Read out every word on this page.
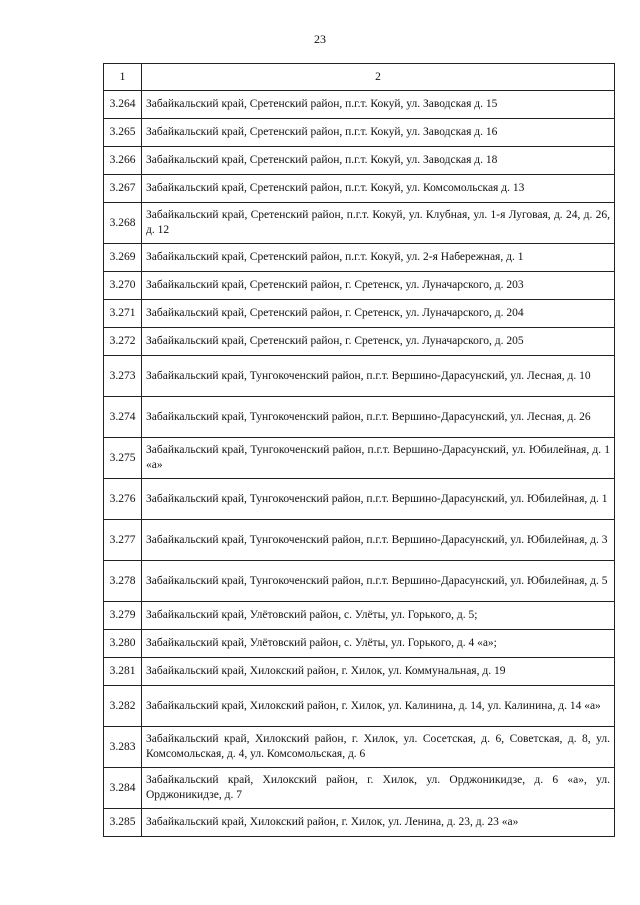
23
1	2
3.264	Забайкальский край, Сретенский район, п.г.т. Кокуй, ул. Заводская д. 15
3.265	Забайкальский край, Сретенский район, п.г.т. Кокуй, ул. Заводская д. 16
3.266	Забайкальский край, Сретенский район, п.г.т. Кокуй, ул. Заводская д. 18
3.267	Забайкальский край, Сретенский район, п.г.т. Кокуй, ул. Комсомольская д. 13
3.268	Забайкальский край, Сретенский район, п.г.т. Кокуй, ул. Клубная, ул. 1-я Луговая, д. 24, д. 26, д. 12
3.269	Забайкальский край, Сретенский район, п.г.т. Кокуй, ул. 2-я Набережная, д. 1
3.270	Забайкальский край, Сретенский район, г. Сретенск, ул. Луначарского, д. 203
3.271	Забайкальский край, Сретенский район, г. Сретенск, ул. Луначарского, д. 204
3.272	Забайкальский край, Сретенский район, г. Сретенск, ул. Луначарского, д. 205
3.273	Забайкальский край, Тунгокоченский район, п.г.т. Вершино-Дарасунский, ул. Лесная, д. 10
3.274	Забайкальский край, Тунгокоченский район, п.г.т. Вершино-Дарасунский, ул. Лесная, д. 26
3.275	Забайкальский край, Тунгокоченский район, п.г.т. Вершино-Дарасунский, ул. Юбилейная, д. 1 «а»
3.276	Забайкальский край, Тунгокоченский район, п.г.т. Вершино-Дарасунский, ул. Юбилейная, д. 1
3.277	Забайкальский край, Тунгокоченский район, п.г.т. Вершино-Дарасунский, ул. Юбилейная, д. 3
3.278	Забайкальский край, Тунгокоченский район, п.г.т. Вершино-Дарасунский, ул. Юбилейная, д. 5
3.279	Забайкальский край, Улётовский район, с. Улёты, ул. Горького, д. 5;
3.280	Забайкальский край, Улётовский район, с. Улёты, ул. Горького, д. 4 «а»;
3.281	Забайкальский край, Хилокский район, г. Хилок, ул. Коммунальная, д. 19
3.282	Забайкальский край, Хилокский район, г. Хилок, ул. Калинина, д. 14, ул. Калинина, д. 14 «а»
3.283	Забайкальский край, Хилокский район, г. Хилок, ул. Сосетская, д. 6, Советская, д. 8, ул. Комсомольская, д. 4, ул. Комсомольская, д. 6
3.284	Забайкальский край, Хилокский район, г. Хилок, ул. Орджоникидзе, д. 6 «а», ул. Орджоникидзе, д. 7
3.285	Забайкальский край, Хилокский район, г. Хилок, ул. Ленина, д. 23, д. 23 «а»
